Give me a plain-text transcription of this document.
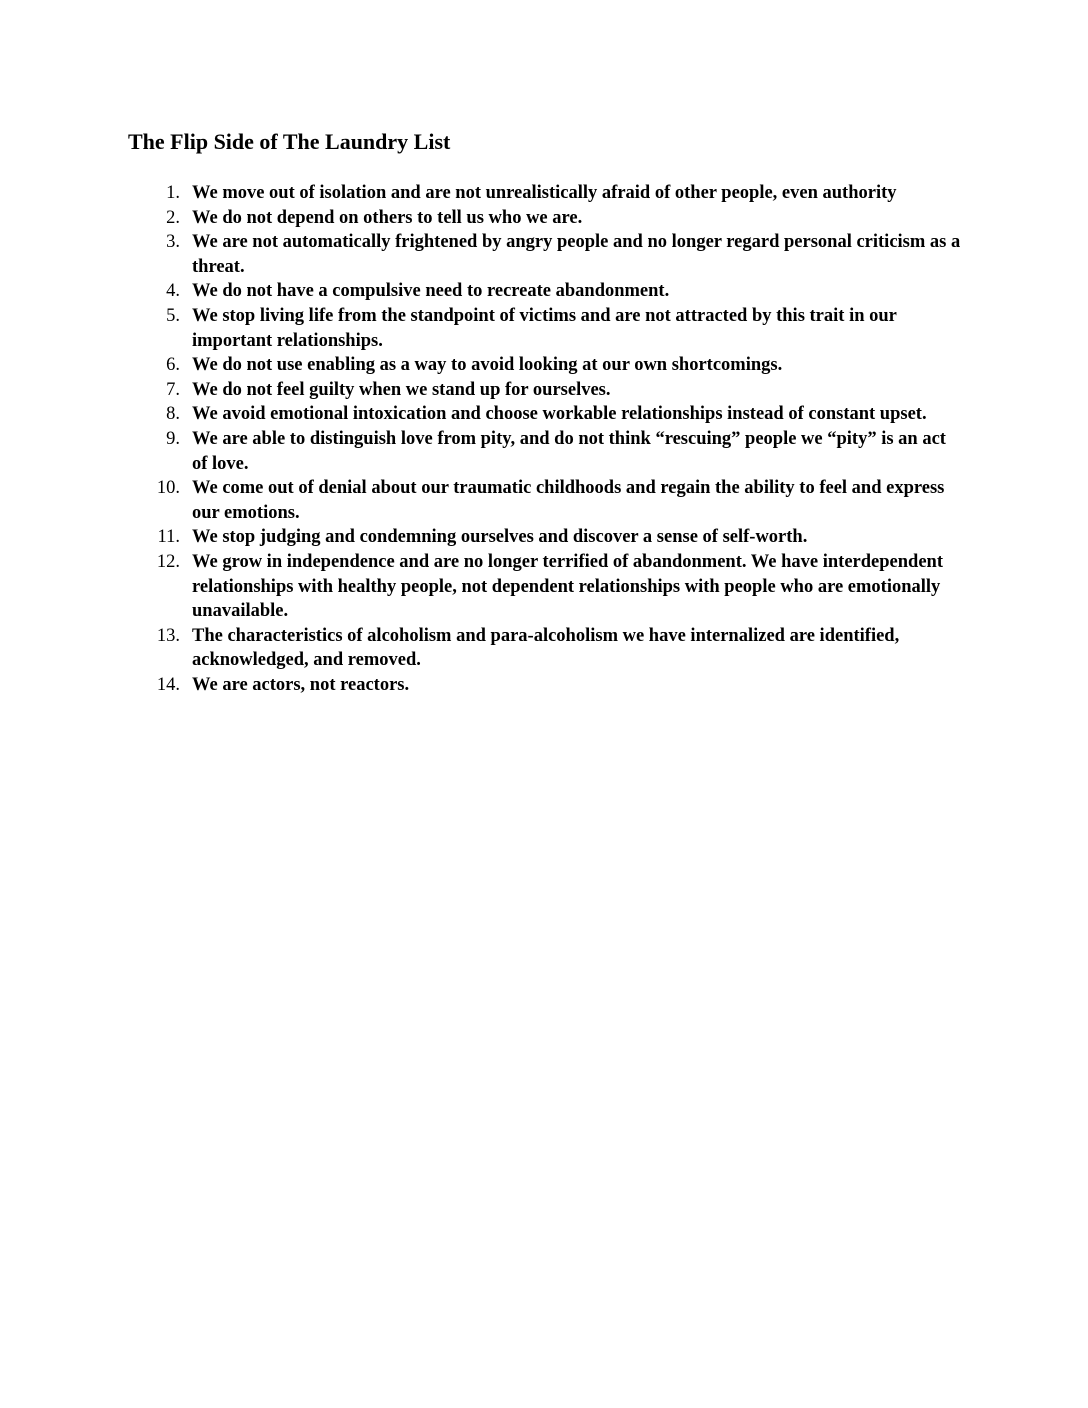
The Flip Side of The Laundry List
1. We move out of isolation and are not unrealistically afraid of other people, even authority
2. We do not depend on others to tell us who we are.
3. We are not automatically frightened by angry people and no longer regard personal criticism as a threat.
4. We do not have a compulsive need to recreate abandonment.
5. We stop living life from the standpoint of victims and are not attracted by this trait in our important relationships.
6. We do not use enabling as a way to avoid looking at our own shortcomings.
7. We do not feel guilty when we stand up for ourselves.
8. We avoid emotional intoxication and choose workable relationships instead of constant upset.
9. We are able to distinguish love from pity, and do not think “rescuing” people we “pity” is an act of love.
10. We come out of denial about our traumatic childhoods and regain the ability to feel and express our emotions.
11. We stop judging and condemning ourselves and discover a sense of self-worth.
12. We grow in independence and are no longer terrified of abandonment. We have interdependent relationships with healthy people, not dependent relationships with people who are emotionally unavailable.
13. The characteristics of alcoholism and para-alcoholism we have internalized are identified, acknowledged, and removed.
14. We are actors, not reactors.
